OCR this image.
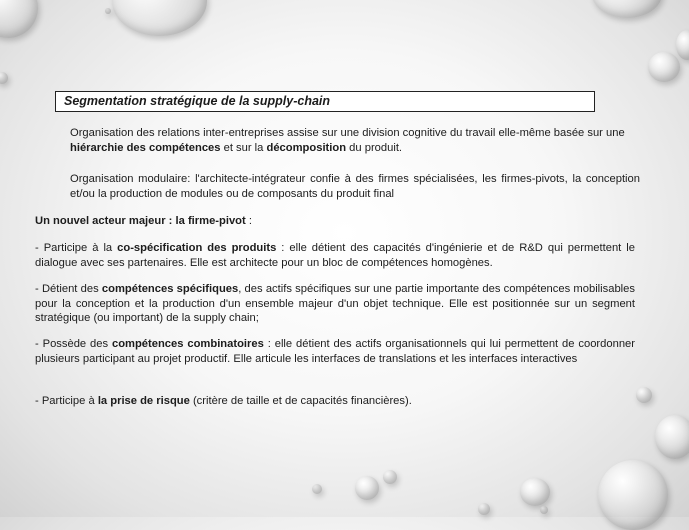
Segmentation stratégique de la supply-chain

Organisation des relations inter-entreprises assise sur une division cognitive du travail elle-même basée sur une
hiérarchie des compétences et sur la décomposition du produit.

Organisation modulaire: l'architecte-intégrateur confie à des firmes spécialisées, les firmes-pivots, la conception et/ou la production de modules ou de composants du produit final

Un nouvel acteur majeur : la firme-pivot :

- Participe à la co-spécification des produits : elle détient des capacités d'ingénierie et de R&D qui permettent le dialogue avec ses partenaires. Elle est architecte pour un bloc de compétences homogènes.

- Détient des compétences spécifiques, des actifs spécifiques sur une partie importante des compétences mobilisables pour la conception et la production d'un ensemble majeur d'un objet technique. Elle est positionnée sur un segment stratégique (ou important) de la supply chain;

- Possède des compétences combinatoires : elle détient des actifs organisationnels qui lui permettent de coordonner plusieurs participant au projet productif. Elle articule les interfaces de translations et les interfaces interactives

- Participe à la prise de risque (critère de taille et de capacités financières).
